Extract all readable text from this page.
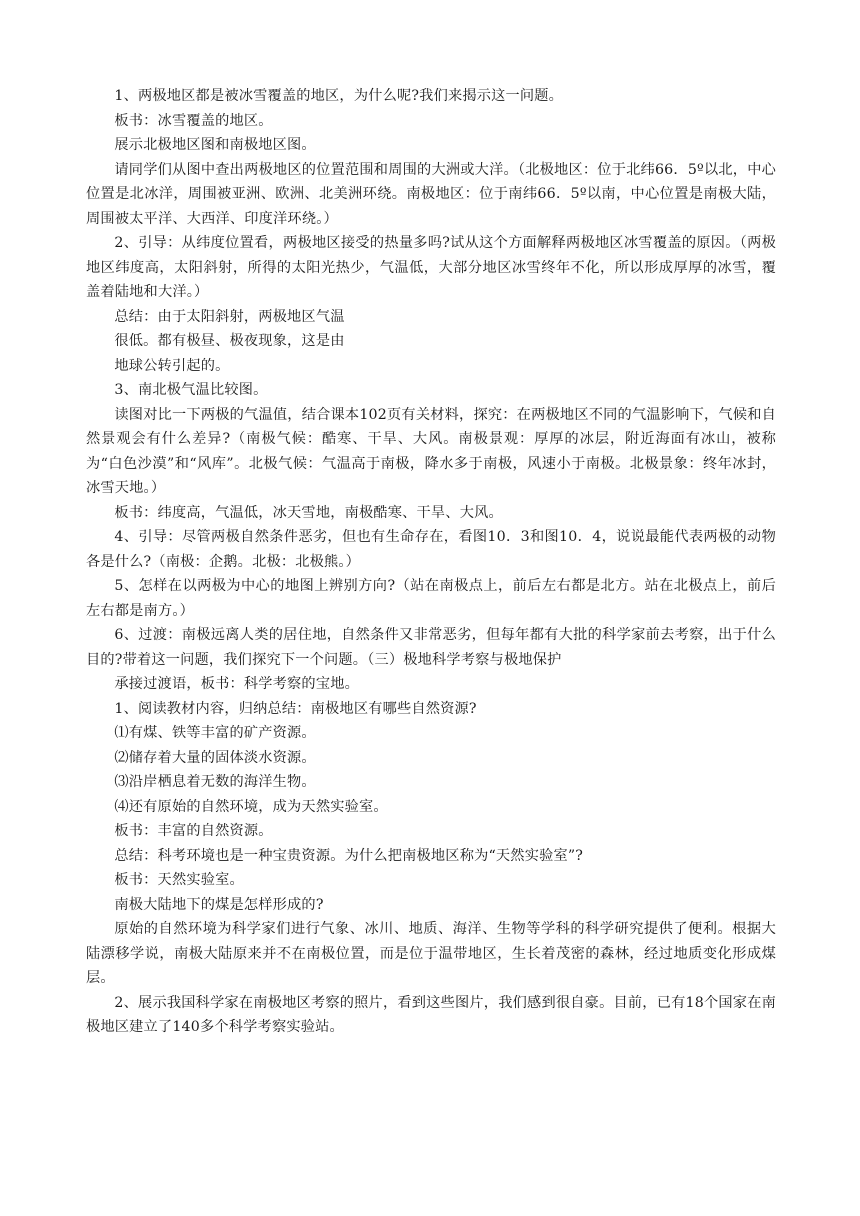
1、两极地区都是被冰雪覆盖的地区，为什么呢?我们来揭示这一问题。

板书：冰雪覆盖的地区。

展示北极地区图和南极地区图。

请同学们从图中查出两极地区的位置范围和周围的大洲或大洋。（北极地区：位于北纬66．5º以北，中心位置是北冰洋，周围被亚洲、欧洲、北美洲环绕。南极地区：位于南纬66．5º以南，中心位置是南极大陆，周围被太平洋、大西洋、印度洋环绕。）

2、引导：从纬度位置看，两极地区接受的热量多吗?试从这个方面解释两极地区冰雪覆盖的原因。（两极地区纬度高，太阳斜射，所得的太阳光热少，气温低，大部分地区冰雪终年不化，所以形成厚厚的冰雪，覆盖着陆地和大洋。）

总结：由于太阳斜射，两极地区气温

很低。都有极昼、极夜现象，这是由

地球公转引起的。

3、南北极气温比较图。

读图对比一下两极的气温值，结合课本102页有关材料，探究：在两极地区不同的气温影响下，气候和自然景观会有什么差异?（南极气候：酷寒、干旱、大风。南极景观：厚厚的冰层，附近海面有冰山，被称为“白色沙漠”和“风库”。北极气候：气温高于南极，降水多于南极，风速小于南极。北极景象：终年冰封，冰雪天地。）

板书：纬度高，气温低，冰天雪地，南极酷寒、干旱、大风。

4、引导：尽管两极自然条件恶劣，但也有生命存在，看图10．3和图10．4，说说最能代表两极的动物各是什么?（南极：企鹅。北极：北极熊。）

5、怎样在以两极为中心的地图上辨别方向?（站在南极点上，前后左右都是北方。站在北极点上，前后左右都是南方。）

6、过渡：南极远离人类的居住地，自然条件又非常恶劣，但每年都有大批的科学家前去考察，出于什么目的?带着这一问题，我们探究下一个问题。（三）极地科学考察与极地保护

承接过渡语，板书：科学考察的宝地。

1、阅读教材内容，归纳总结：南极地区有哪些自然资源?

⑴有煤、铁等丰富的矿产资源。

⑵储存着大量的固体淡水资源。

⑶沿岸栖息着无数的海洋生物。

⑷还有原始的自然环境，成为天然实验室。

板书：丰富的自然资源。

总结：科考环境也是一种宝贵资源。为什么把南极地区称为“天然实验室”?

板书：天然实验室。

南极大陆地下的煤是怎样形成的?

原始的自然环境为科学家们进行气象、冰川、地质、海洋、生物等学科的科学研究提供了便利。根据大陆漂移学说，南极大陆原来并不在南极位置，而是位于温带地区，生长着茂密的森林，经过地质变化形成煤层。

2、展示我国科学家在南极地区考察的照片，看到这些图片，我们感到很自豪。目前，已有18个国家在南极地区建立了140多个科学考察实验站。
